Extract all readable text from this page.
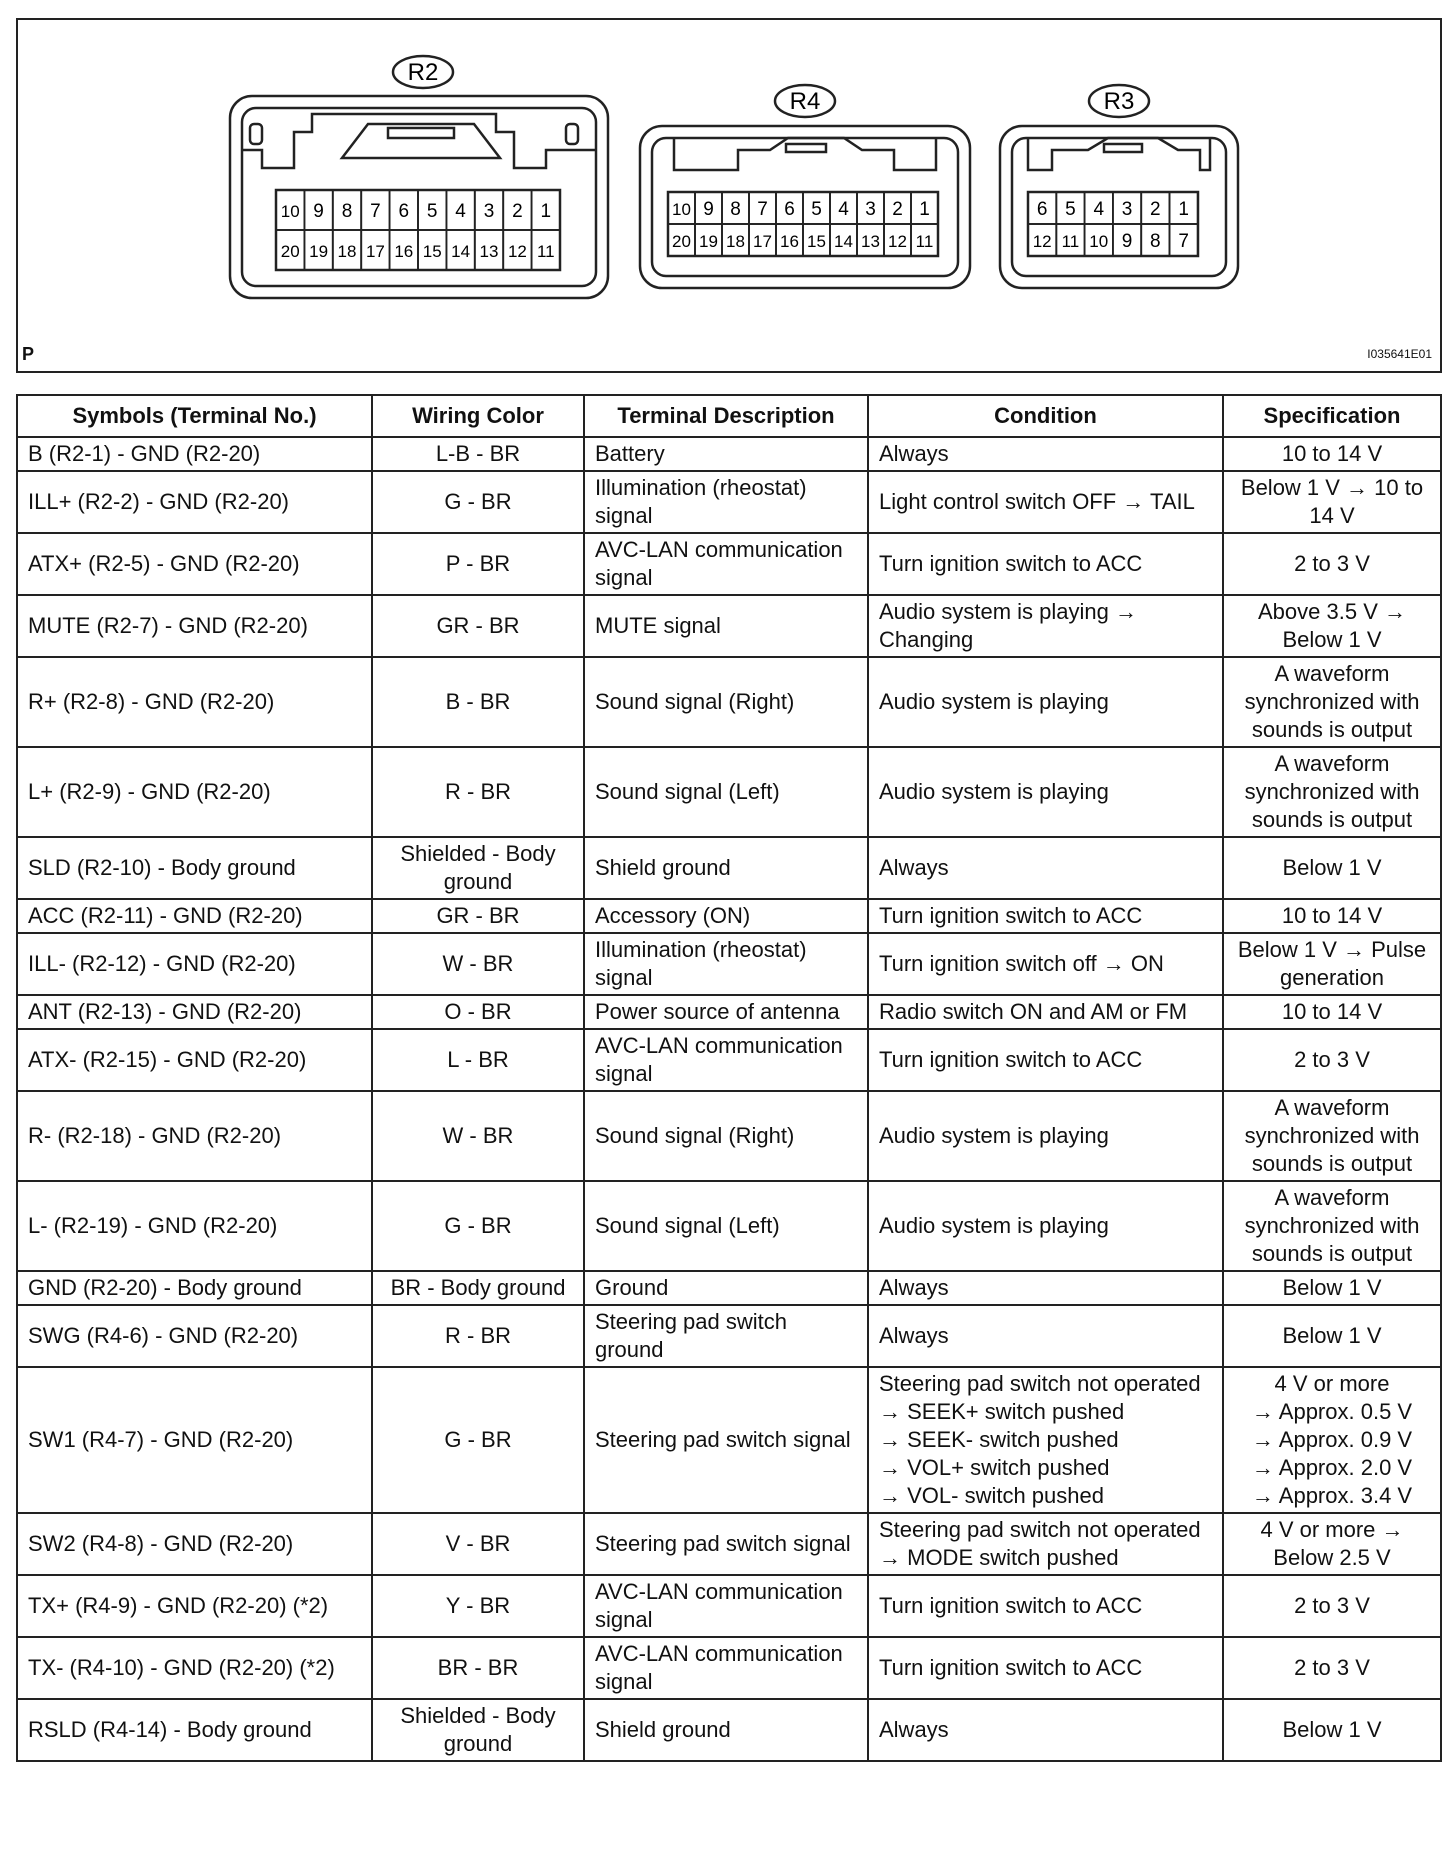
R2
10 9 8 7 6 5 4 3 2 1
20 19 18 17 16 15 14 13 12 11
R4
10 9 8 7 6 5 4 3 2 1
20 19 18 17 16 15 14 13 12 11
R3
6 5 4 3 2 1
12 11 10 9 8 7
P	I035641E01
Symbols (Terminal No.)	Wiring Color	Terminal Description	Condition	Specification
B (R2-1) - GND (R2-20)	L-B - BR	Battery	Always	10 to 14 V
ILL+ (R2-2) - GND (R2-20)	G - BR	Illumination (rheostat) signal	Light control switch OFF → TAIL	Below 1 V → 10 to 14 V
ATX+ (R2-5) - GND (R2-20)	P - BR	AVC-LAN communication signal	Turn ignition switch to ACC	2 to 3 V
MUTE (R2-7) - GND (R2-20)	GR - BR	MUTE signal	Audio system is playing → Changing	Above 3.5 V → Below 1 V
R+ (R2-8) - GND (R2-20)	B - BR	Sound signal (Right)	Audio system is playing	A waveform synchronized with sounds is output
L+ (R2-9) - GND (R2-20)	R - BR	Sound signal (Left)	Audio system is playing	A waveform synchronized with sounds is output
SLD (R2-10) - Body ground	Shielded - Body ground	Shield ground	Always	Below 1 V
ACC (R2-11) - GND (R2-20)	GR - BR	Accessory (ON)	Turn ignition switch to ACC	10 to 14 V
ILL- (R2-12) - GND (R2-20)	W - BR	Illumination (rheostat) signal	Turn ignition switch off → ON	Below 1 V → Pulse generation
ANT (R2-13) - GND (R2-20)	O - BR	Power source of antenna	Radio switch ON and AM or FM	10 to 14 V
ATX- (R2-15) - GND (R2-20)	L - BR	AVC-LAN communication signal	Turn ignition switch to ACC	2 to 3 V
R- (R2-18) - GND (R2-20)	W - BR	Sound signal (Right)	Audio system is playing	A waveform synchronized with sounds is output
L- (R2-19) - GND (R2-20)	G - BR	Sound signal (Left)	Audio system is playing	A waveform synchronized with sounds is output
GND (R2-20) - Body ground	BR - Body ground	Ground	Always	Below 1 V
SWG (R4-6) - GND (R2-20)	R - BR	Steering pad switch ground	Always	Below 1 V
SW1 (R4-7) - GND (R2-20)	G - BR	Steering pad switch signal	Steering pad switch not operated
→ SEEK+ switch pushed
→ SEEK- switch pushed
→ VOL+ switch pushed
→ VOL- switch pushed	4 V or more
→ Approx. 0.5 V
→ Approx. 0.9 V
→ Approx. 2.0 V
→ Approx. 3.4 V
SW2 (R4-8) - GND (R2-20)	V - BR	Steering pad switch signal	Steering pad switch not operated
→ MODE switch pushed	4 V or more → Below 2.5 V
TX+ (R4-9) - GND (R2-20) (*2)	Y - BR	AVC-LAN communication signal	Turn ignition switch to ACC	2 to 3 V
TX- (R4-10) - GND (R2-20) (*2)	BR - BR	AVC-LAN communication signal	Turn ignition switch to ACC	2 to 3 V
RSLD (R4-14) - Body ground	Shielded - Body ground	Shield ground	Always	Below 1 V
